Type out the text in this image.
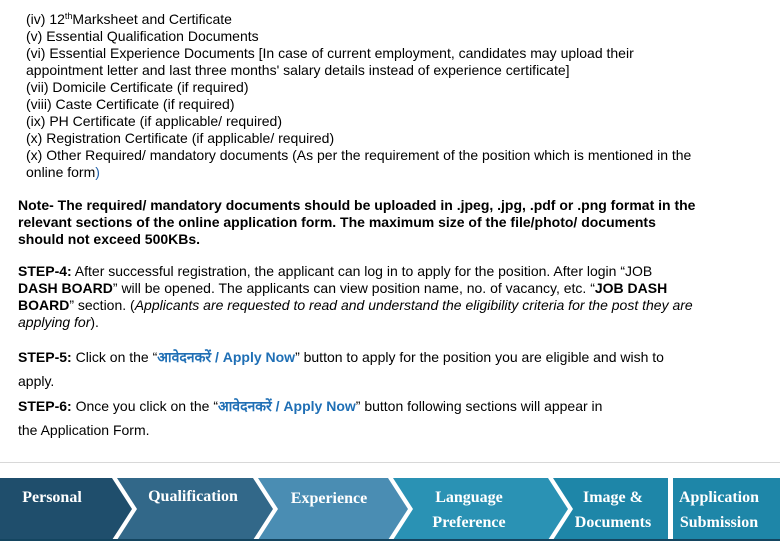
(iv) 12thMarksheet and Certificate
(v) Essential Qualification Documents
(vi) Essential Experience Documents [In case of current employment, candidates may upload their
appointment letter and last three months' salary details instead of experience certificate]
(vii) Domicile Certificate (if required)
(viii) Caste Certificate (if required)
(ix) PH Certificate (if applicable/ required)
(x) Registration Certificate (if applicable/ required)
(x) Other Required/ mandatory documents (As per the requirement of the position which is mentioned in the
online form)
Note- The required/ mandatory documents should be uploaded in .jpeg, .jpg, .pdf or .png format in the
relevant sections of the online application form. The maximum size of the file/photo/ documents
should not exceed 500KBs.
STEP-4: After successful registration, the applicant can log in to apply for the position. After login “JOB
DASH BOARD” will be opened. The applicants can view position name, no. of vacancy, etc. “JOB DASH
BOARD” section. (Applicants are requested to read and understand the eligibility criteria for the post they are
applying for).
STEP-5: Click on the “आवेदनकरें / Apply Now” button to apply for the position you are eligible and wish to
apply.
STEP-6: Once you click on the “आवेदनकरें / Apply Now” button following sections will appear in
the Application Form.
Personal	Qualification	Experience	Language
Preference
Image &
Documents
Application
Submission
